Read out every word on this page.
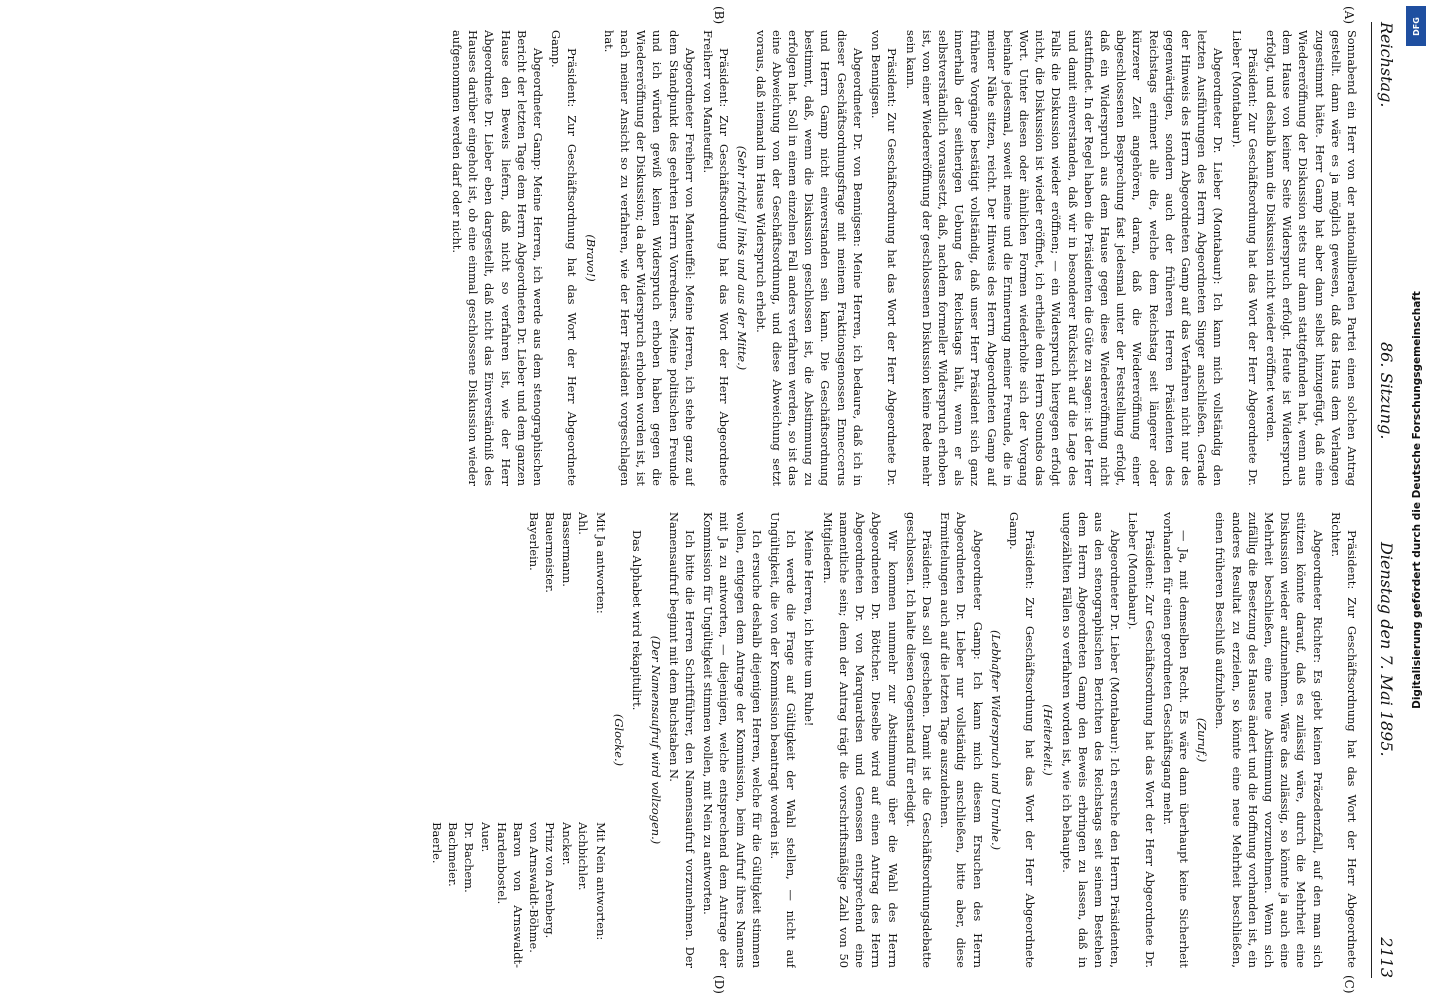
Reichstag.
86. Sitzung.
Dienstag den 7. Mai 1895.
2113
(A)
(B)
(C)
(D)

Sonnabend ein Herr von der nationalliberalen Partei einen solchen Antrag gestellt. dann wäre es ja möglich gewesen, daß das Haus dem Verlangen zugestimmt hätte. Herr Gamp hat aber dann selbst hinzugefügt, daß eine Wiedereröffnung der Diskussion stets nur dann stattgefunden hat, wenn aus dem Hause von keiner Seite Widerspruch erfolgt. Heute ist Widerspruch erfolgt, und deshalb kann die Diskussion nicht wieder eröffnet werden.

Präsident: Zur Geschäftsordnung hat das Wort der Herr Abgeordnete Dr. Lieber (Montabaur).

Abgeordneter Dr. Lieber (Montabaur): Ich kann mich vollständig den letzten Ausführungen des Herrn Abgeordneten Singer anschließen. Gerade der Hinweis des Herrn Abgeordneten Gamp auf das Verfahren nicht nur des gegenwärtigen, sondern auch der früheren Herren Präsidenten des Reichstags erinnert alle die, welche dem Reichstag seit längerer oder kürzerer Zeit angehören, daran, daß die Wiedereröffnung einer abgeschlossenen Besprechung fast jedesmal unter der Feststellung erfolgt, daß ein Widerspruch aus dem Hause gegen diese Wiedereröffnung nicht stattfindet. In der Regel haben die Präsidenten die Güte zu sagen: ist der Herr und damit einverstanden, daß wir in besonderer Rücksicht auf die Lage des Falls die Diskussion wieder eröffnen; — ein Widerspruch hiergegen erfolgt nicht, die Diskussion ist wieder eröffnet, ich ertheile dem Herrn Soundso das Wort. Unter diesen oder ähnlichen Formen wiederholte sich der Vorgang beinahe jedesmal, soweit meine und die Erinnerung meiner Freunde, die in meiner Nähe sitzen, reicht. Der Hinweis des Herrn Abgeordneten Gamp auf frühere Vorgänge bestätigt vollständig, daß unser Herr Präsident sich ganz innerhalb der seitherigen Uebung des Reichstags hält, wenn er als selbstverständlich voraussetzt, daß, nachdem formeller Widerspruch erhoben ist, von einer Wiedereröffnung der geschlossenen Diskussion keine Rede mehr sein kann.

Präsident: Zur Geschäftsordnung hat das Wort der Herr Abgeordnete Dr. von Bennigsen.

Abgeordneter Dr. von Bennigsen: Meine Herren, ich bedaure, daß ich in dieser Geschäftsordnungsfrage mit meinem Fraktionsgenossen Enneccerus und Herrn Gamp nicht einverstanden sein kann. Die Geschäftsordnung bestimmt, daß, wenn die Diskussion geschlossen ist, die Abstimmung zu erfolgen hat. Soll in einem einzelnen Fall anders verfahren werden, so ist das eine Abweichung von der Geschäftsordnung, und diese Abweichung setzt voraus, daß niemand im Hause Widerspruch erhebt.

(Sehr richtig! links und aus der Mitte.)

Präsident: Zur Geschäftsordnung hat das Wort der Herr Abgeordnete Freiherr von Manteuffel.

Abgeordneter Freiherr von Manteuffel: Meine Herren, ich stehe ganz auf dem Standpunkt des geehrten Herrn Vorredners. Meine politischen Freunde und ich würden gewiß keinen Widerspruch erhoben haben gegen die Wiedereröffnung der Diskussion; da aber Widerspruch erhoben worden ist, ist nach meiner Ansicht so zu verfahren, wie der Herr Präsident vorgeschlagen hat.

(Bravo!)

Präsident: Zur Geschäftsordnung hat das Wort der Herr Abgeordnete Gamp.

Abgeordneter Gamp: Meine Herren, ich werde aus dem stenographischen Bericht der letzten Tage dem Herrn Abgeordneten Dr. Lieber und dem ganzen Hause den Beweis liefern, daß nicht so verfahren ist, wie der Herr Abgeordnete Dr. Lieber eben dargestellt, daß nicht das Einverständniß des Hauses darüber eingeholt ist, ob eine einmal geschlossene Diskussion wieder aufgenommen werden darf oder nicht.

Präsident: Zur Geschäftsordnung hat das Wort der Herr Abgeordnete Richter.

Abgeordneter Richter: Es giebt keinen Präzedenzfall, auf den man sich stützen könnte darauf, daß es zulässig wäre, durch die Mehrheit eine Diskussion wieder aufzunehmen. Wäre das zulässig, so könnte ja auch eine Mehrheit beschließen, eine neue Abstimmung vorzunehmen. Wenn sich zufällig die Besetzung des Hauses ändert und die Hoffnung vorhanden ist, ein anderes Resultat zu erzielen, so könnte eine neue Mehrheit beschließen, einen früheren Beschluß aufzuheben.

(Zuruf.)

— Ja, mit demselben Recht. Es wäre dann überhaupt keine Sicherheit vorhanden für einen geordneten Geschäftsgang mehr.

Präsident: Zur Geschäftsordnung hat das Wort der Herr Abgeordnete Dr. Lieber (Montabaur).

Abgeordneter Dr. Lieber (Montabaur): Ich ersuche den Herrn Präsidenten, aus den stenographischen Berichten des Reichstags seit seinem Bestehen dem Herrn Abgeordneten Gamp den Beweis erbringen zu lassen, daß in ungezählten Fällen so verfahren worden ist, wie ich behaupte.

(Heiterkeit.)

Präsident: Zur Geschäftsordnung hat das Wort der Herr Abgeordnete Gamp.

(Lebhafter Widerspruch und Unruhe.)

Abgeordneter Gamp: Ich kann mich diesem Ersuchen des Herrn Abgeordneten Dr. Lieber nur vollständig anschließen, bitte aber, diese Ermittelungen auch auf die letzten Tage auszudehnen.

Präsident: Das soll geschehen. Damit ist die Geschäftsordnungsdebatte geschlossen. Ich halte diesen Gegenstand für erledigt.

Wir kommen nunmehr zur Abstimmung über die Wahl des Herrn Abgeordneten Dr. Böttcher. Dieselbe wird auf einen Antrag des Herrn Abgeordneten Dr. von Marquardsen und Genossen entsprechend eine namentliche sein; denn der Antrag trägt die vorschriftsmäßige Zahl von 50 Mitgliedern.

Meine Herren, ich bitte um Ruhe!

Ich werde die Frage auf Gültigkeit der Wahl stellen, — nicht auf Ungültigkeit, die von der Kommission beantragt worden ist.

Ich ersuche deshalb diejenigen Herren, welche für die Gültigkeit stimmen wollen, entgegen dem Antrage der Kommission, beim Aufruf ihres Namens mit Ja zu antworten, — diejenigen, welche entsprechend dem Antrage der Kommission für Ungültigkeit stimmen wollen, mit Nein zu antworten.

Ich bitte die Herren Schriftführer, den Namensaufruf vorzunehmen. Der Namensaufruf beginnt mit dem Buchstaben N.

(Der Namensaufruf wird vollzogen.)

Das Alphabet wird rekapitulirt.

(Glocke.)

Mit Ja antworten:
Mit Nein antworten:
Ahl.
Bassermann.
Bauermeister.
Bayerlein.
Aichbichler.
Ancker.
Prinz von Arenberg.
von Arnswaldt-Böhme.
Baron von Arnswaldt-Hardenbostel.
Auer.
Dr. Bachem.
Bachmeier.
Baerle.
DFG
Digitalisierung gefördert durch die Deutsche Forschungsgemeinschaft
